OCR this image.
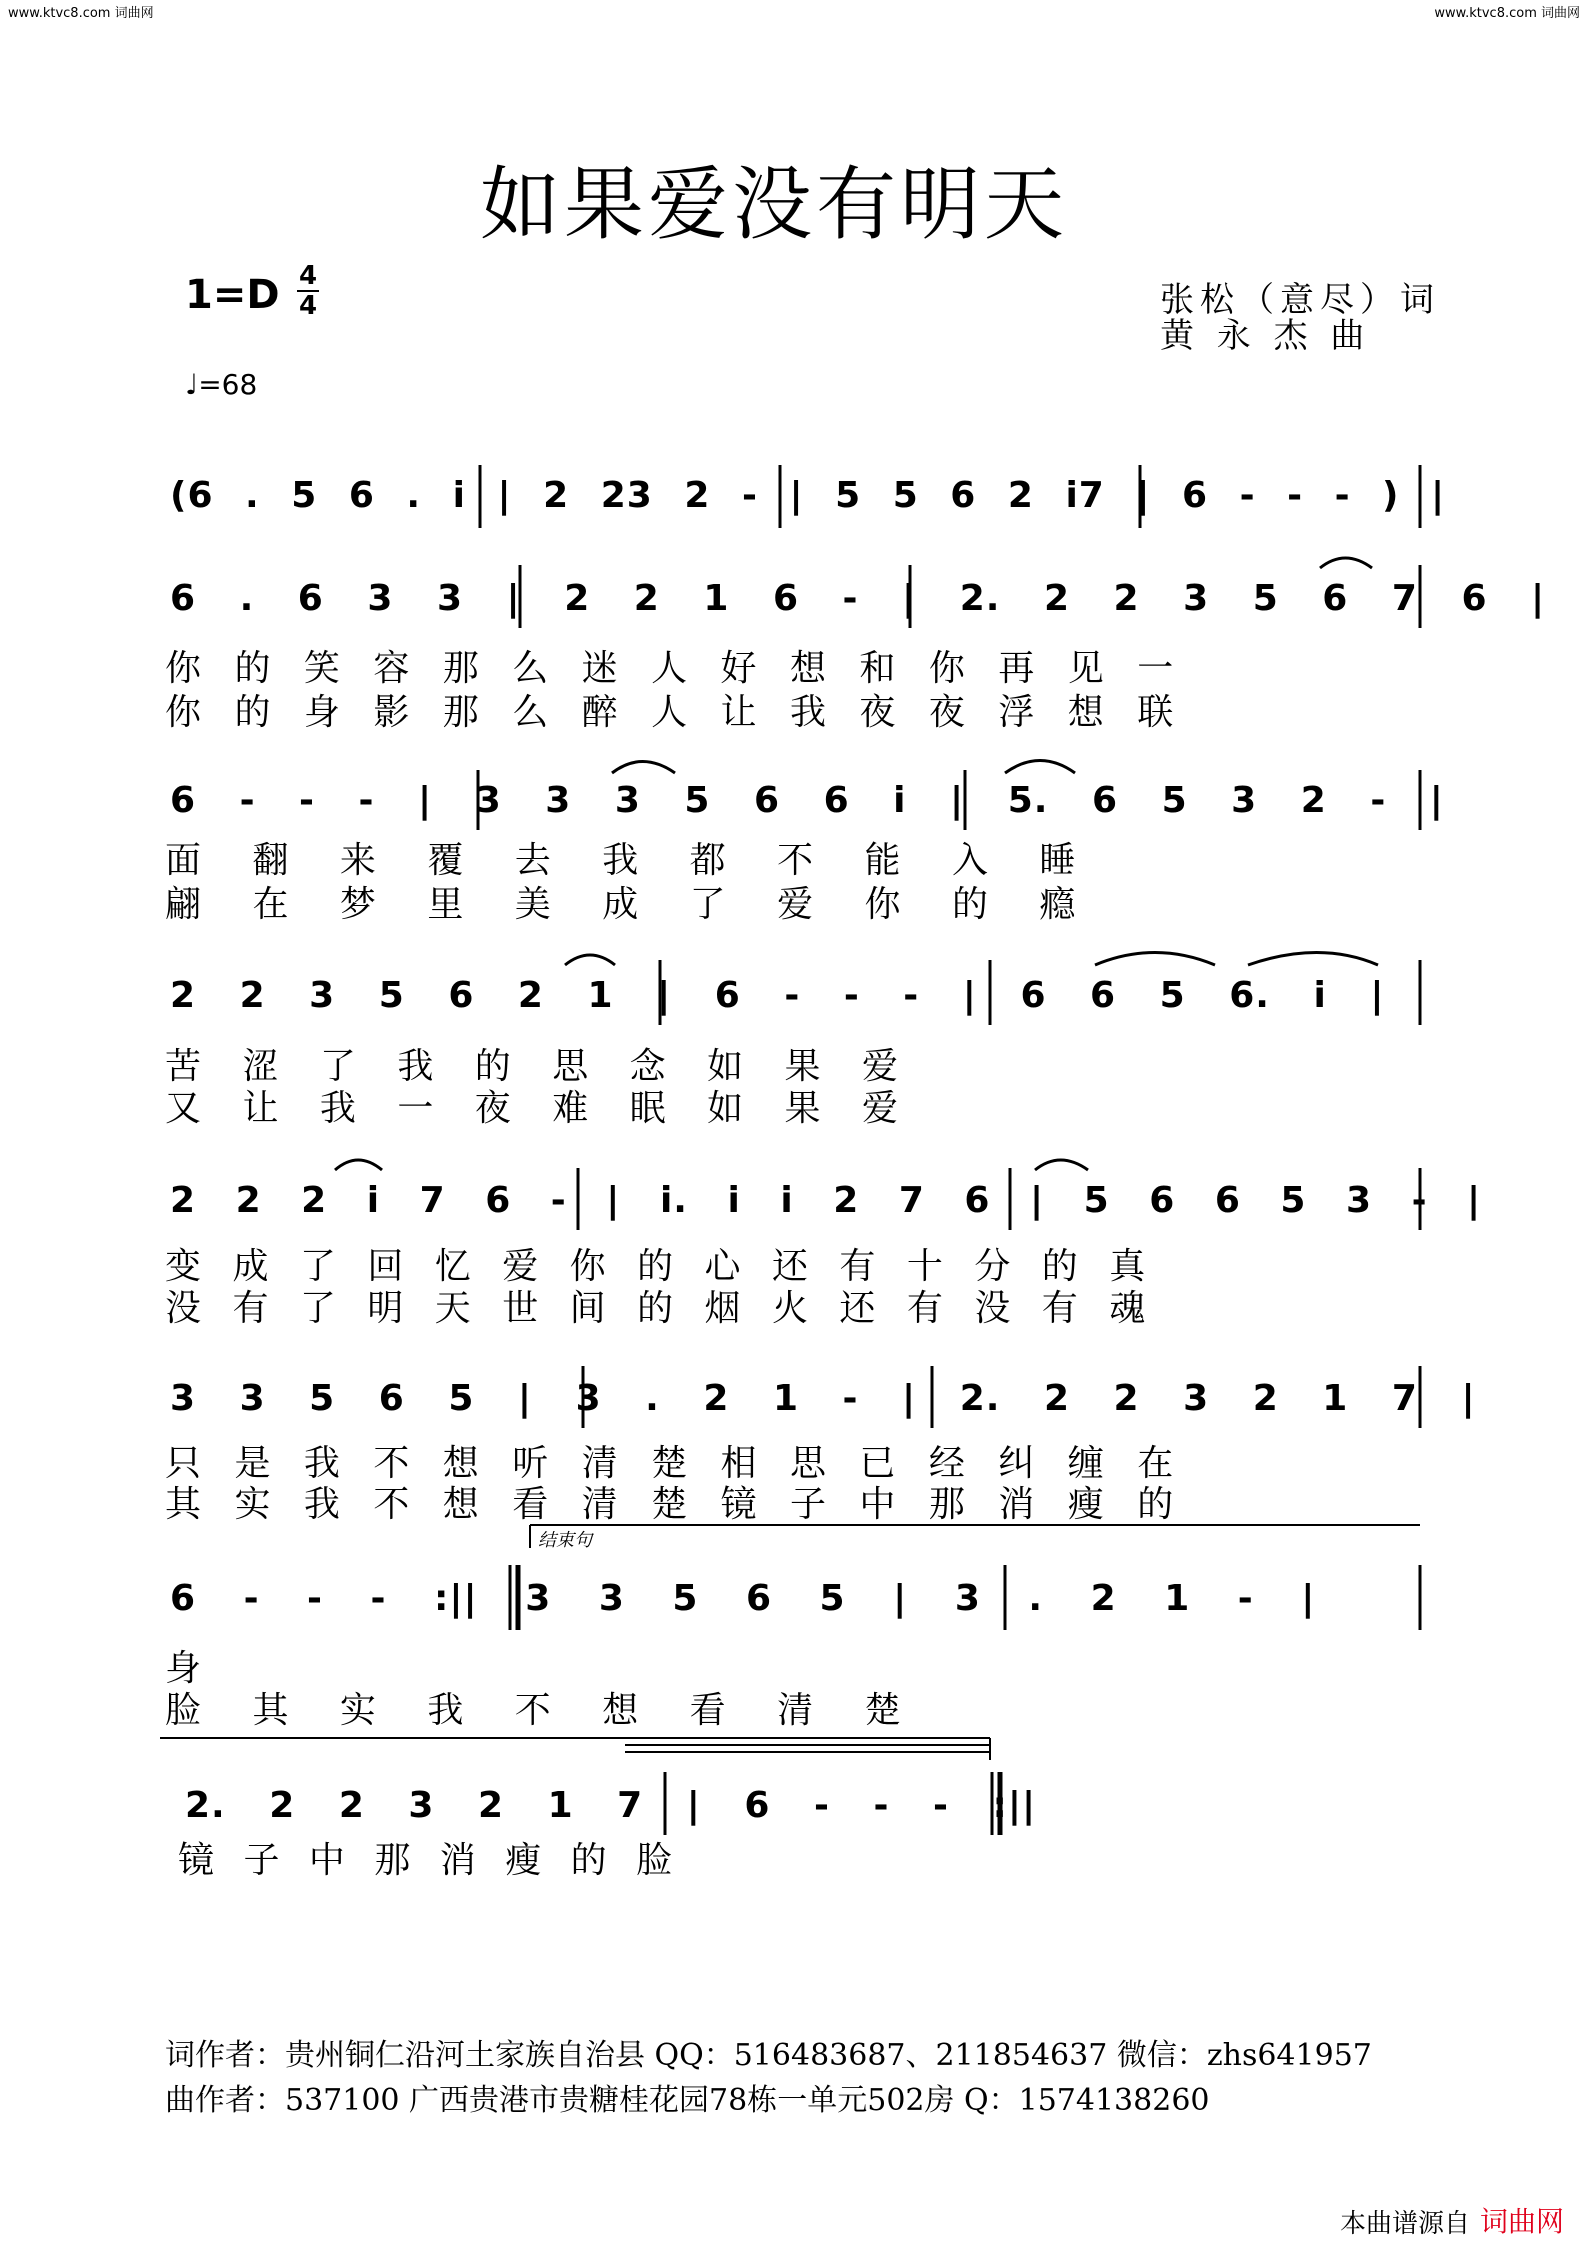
www.ktvc8.com 词曲网	www.ktvc8.com 词曲网
如果爱没有明天
$1=D \frac{4}{4}$
♩=68
张松（意尽）词
黄 永 杰 曲
(6 . 5 6 . i | 2 23 2 - | 5 5 6 2 i7 | 6 - - - ) |
6 . 6 3 3 | 2 2 1 6 - | 2. 2 2 3 5 6 7 6 |
你 的 笑 容 那 么 迷 人 好 想 和 你 再 见 一
你 的 身 影 那 么 醉 人 让 我 夜 夜 浮 想 联
6 - - - | 3 3 3 5 6 6 i | 5. 6 5 3 2 - |
面 翻 来 覆 去 我 都 不 能 入 睡
翩 在 梦 里 美 成 了 爱 你 的 瘾
2 2 3 5 6 2 1 | 6 - - - | 6 6 5 6. i |
苦 涩 了 我 的 思 念 如 果 爱
又 让 我 一 夜 难 眠 如 果 爱
2 2 2 i 7 6 - | i. i i 2 7 6 | 5 6 6 5 3 - |
变 成 了 回 忆 爱 你 的 心 还 有 十 分 的 真
没 有 了 明 天 世 间 的 烟 火 还 有 没 有 魂
3 3 5 6 5 | 3 . 2 1 - | 2. 2 2 3 2 1 7 |
只 是 我 不 想 听 清 楚 相 思 已 经 纠 缠 在
其 实 我 不 想 看 清 楚 镜 子 中 那 消 瘦 的
结束句
6 - - - :|| 3 3 5 6 5 | 3 . 2 1 - |
身
脸 其 实 我 不 想 看 清 楚
2. 2 2 3 2 1 7 | 6 - - - :||
镜 子 中 那 消 瘦 的 脸
词作者：贵州铜仁沿河土家族自治县 QQ：516483687、211854637 微信：zhs641957
曲作者：537100 广西贵港市贵糖桂花园78栋一单元502房 Q：1574138260
本曲谱源自 词曲网
